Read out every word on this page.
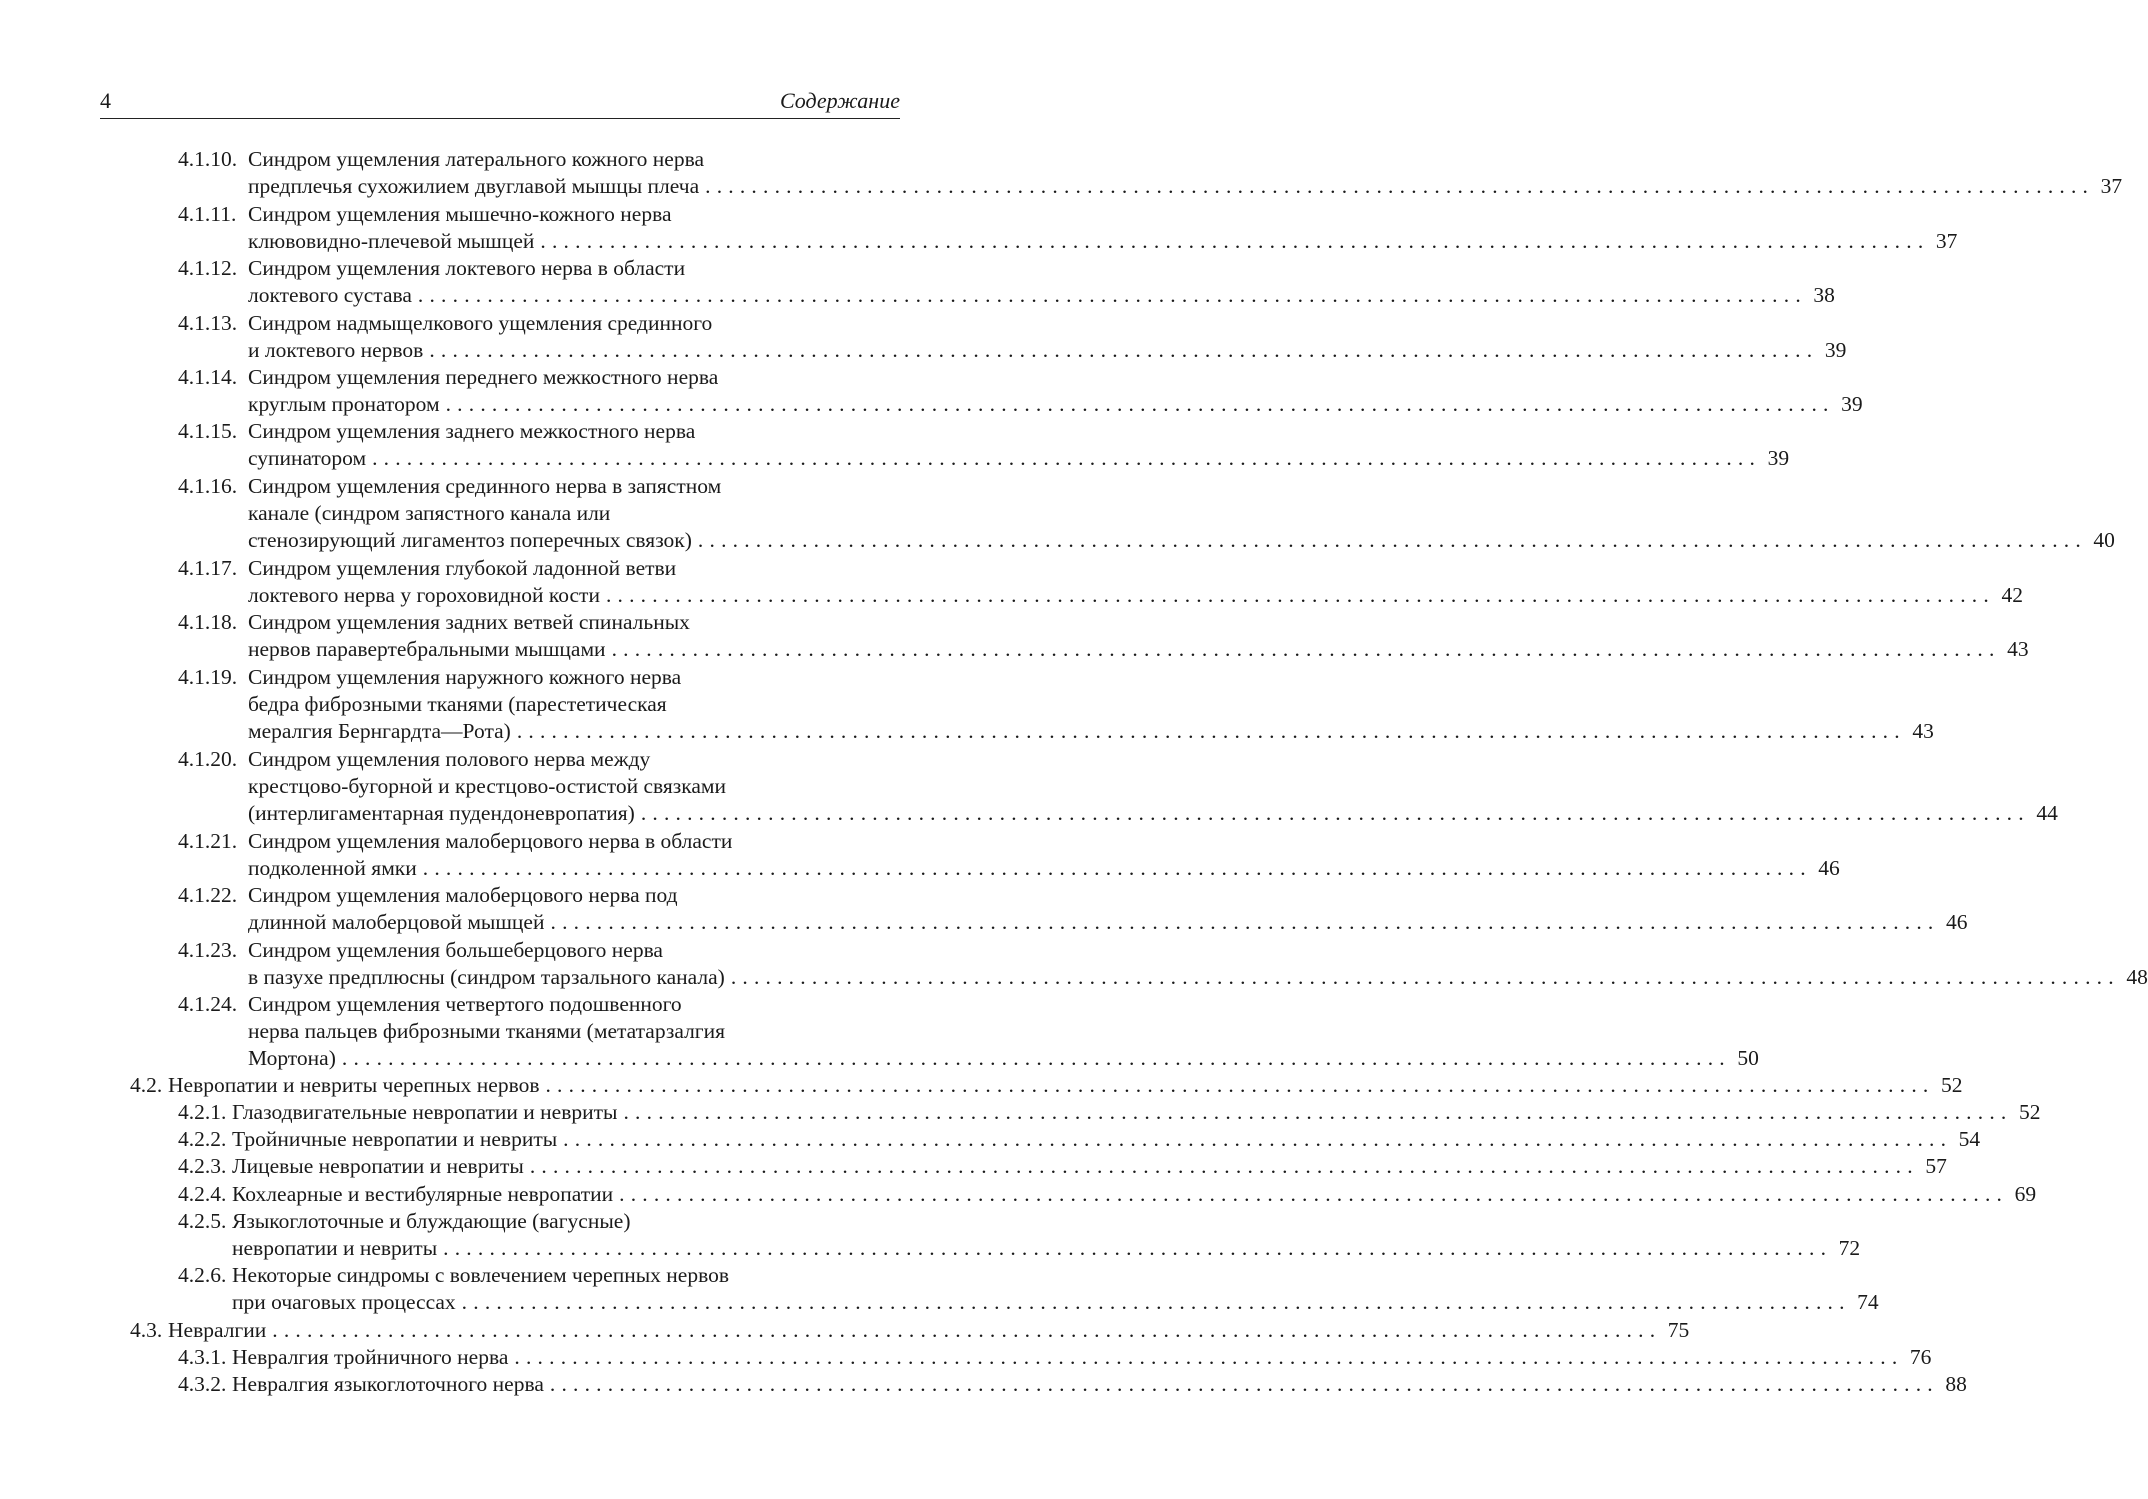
4	Содержание
4.1.10. Синдром ущемления латерального кожного нерва
предплечья сухожилием двуглавой мышцы плеча ........................................................................................................................ 37
4.1.11. Синдром ущемления мышечно-кожного нерва
клювовидно-плечевой мышцей ........................................................................................................................ 37
4.1.12. Синдром ущемления локтевого нерва в области
локтевого сустава ........................................................................................................................ 38
4.1.13. Синдром надмыщелкового ущемления срединного
и локтевого нервов ........................................................................................................................ 39
4.1.14. Синдром ущемления переднего межкостного нерва
круглым пронатором ........................................................................................................................ 39
4.1.15. Синдром ущемления заднего межкостного нерва
супинатором ........................................................................................................................ 39
4.1.16. Синдром ущемления срединного нерва в запястном
канале (синдром запястного канала или
стенозирующий лигаментоз поперечных связок) ........................................................................................................................ 40
4.1.17. Синдром ущемления глубокой ладонной ветви
локтевого нерва у гороховидной кости ........................................................................................................................ 42
4.1.18. Синдром ущемления задних ветвей спинальных
нервов паравертебральными мышцами ........................................................................................................................ 43
4.1.19. Синдром ущемления наружного кожного нерва
бедра фиброзными тканями (парестетическая
мералгия Бернгардта—Рота) ........................................................................................................................ 43
4.1.20. Синдром ущемления полового нерва между
крестцово-бугорной и крестцово-остистой связками
(интерлигаментарная пудендоневропатия) ........................................................................................................................ 44
4.1.21. Синдром ущемления малоберцового нерва в области
подколенной ямки ........................................................................................................................ 46
4.1.22. Синдром ущемления малоберцового нерва под
длинной малоберцовой мышцей ........................................................................................................................ 46
4.1.23. Синдром ущемления большеберцового нерва
в пазухе предплюсны (синдром тарзального канала) ........................................................................................................................ 48
4.1.24. Синдром ущемления четвертого подошвенного
нерва пальцев фиброзными тканями (метатарзалгия
Мортона) ........................................................................................................................ 50
4.2. Невропатии и невриты черепных нервов ........................................................................................................................ 52
4.2.1. Глазодвигательные невропатии и невриты ........................................................................................................................ 52
4.2.2. Тройничные невропатии и невриты ........................................................................................................................ 54
4.2.3. Лицевые невропатии и невриты ........................................................................................................................ 57
4.2.4. Кохлеарные и вестибулярные невропатии ........................................................................................................................ 69
4.2.5. Языкоглоточные и блуждающие (вагусные)
невропатии и невриты ........................................................................................................................ 72
4.2.6. Некоторые синдромы с вовлечением черепных нервов
при очаговых процессах ........................................................................................................................ 74
4.3. Невралгии ........................................................................................................................ 75
4.3.1. Невралгия тройничного нерва ........................................................................................................................ 76
4.3.2. Невралгия языкоглоточного нерва ........................................................................................................................ 88
